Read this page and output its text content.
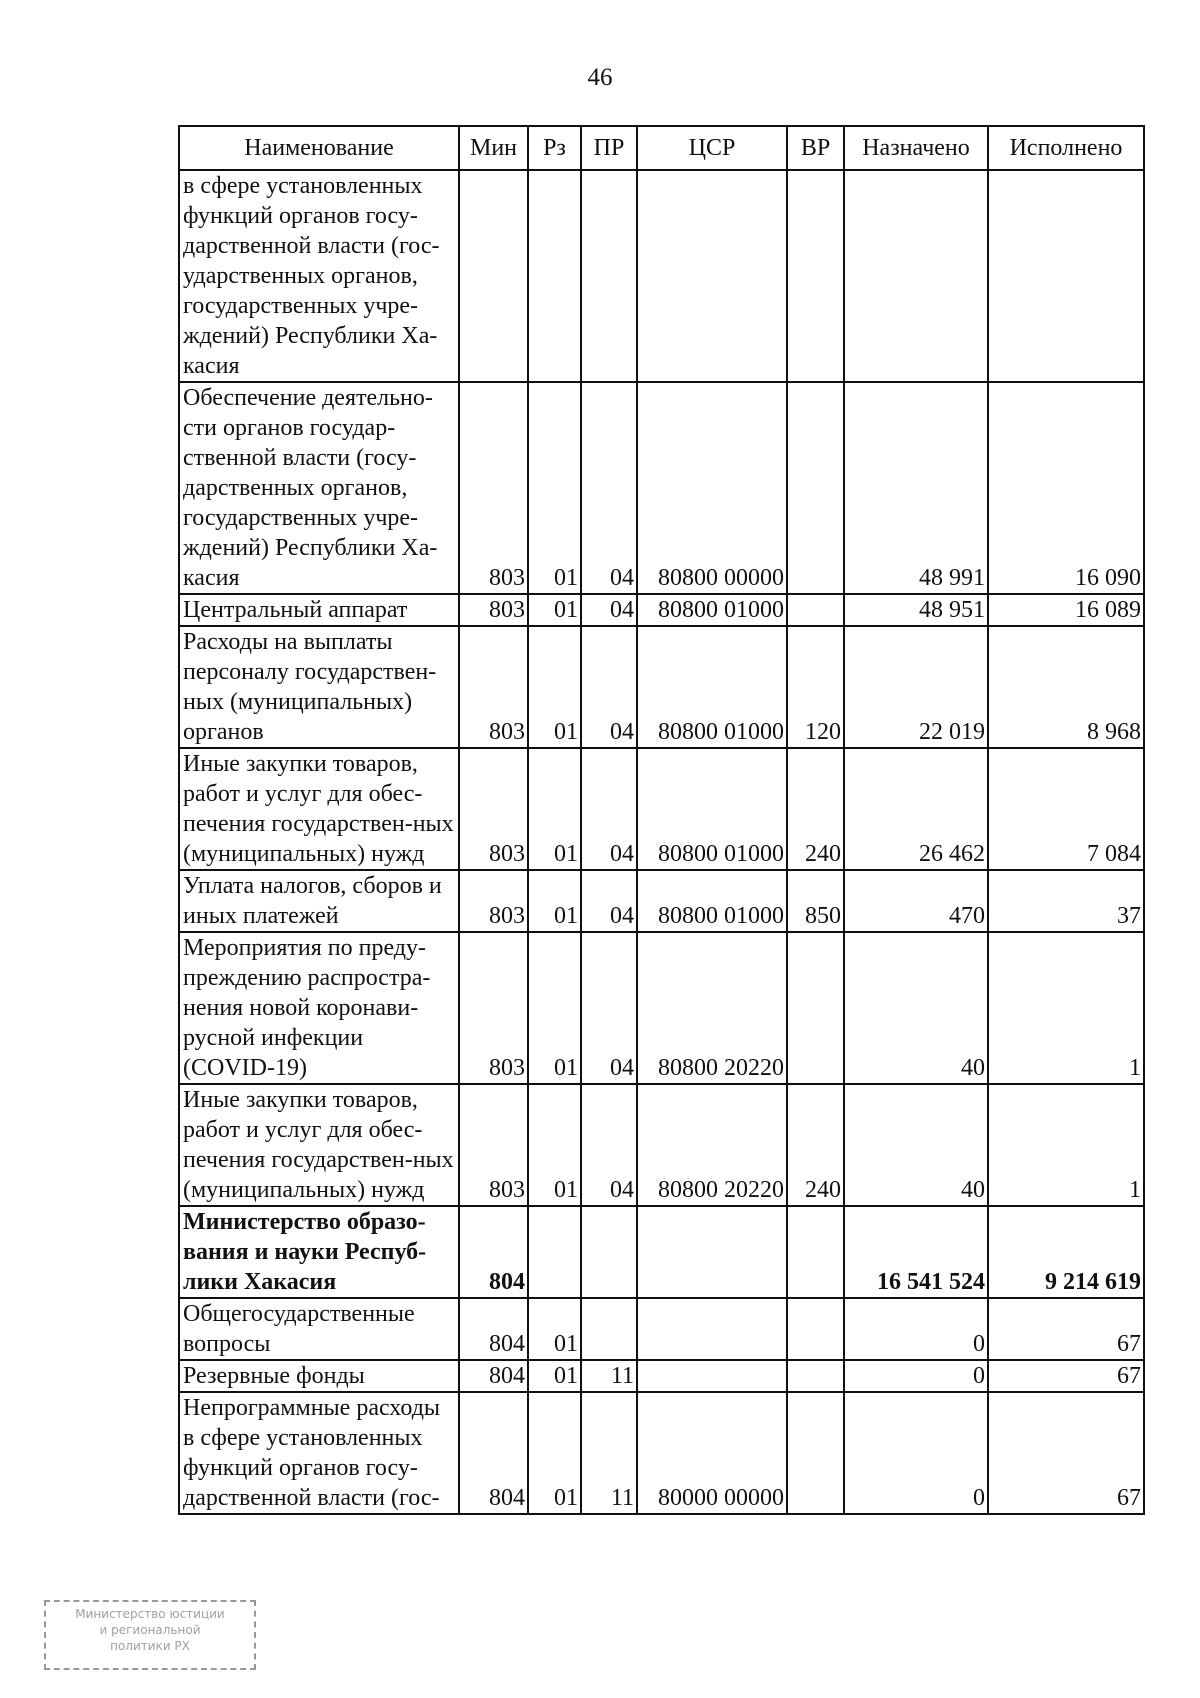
46
Наименование	Мин	Рз	ПР	ЦСР	ВР	Назначено	Исполнено
в сфере установленных функций органов госу-дарственной власти (гос-ударственных органов, государственных учре-ждений) Республики Ха-касия							
Обеспечение деятельно-сти органов государ-ственной власти (госу-дарственных органов, государственных учре-ждений) Республики Ха-касия	803	01	04	80800 00000		48 991	16 090
Центральный аппарат	803	01	04	80800 01000		48 951	16 089
Расходы на выплаты персоналу государствен-ных (муниципальных) органов	803	01	04	80800 01000	120	22 019	8 968
Иные закупки товаров, работ и услуг для обес-печения государствен-ных (муниципальных) нужд	803	01	04	80800 01000	240	26 462	7 084
Уплата налогов, сборов и иных платежей	803	01	04	80800 01000	850	470	37
Мероприятия по преду-преждению распростра-нения новой коронави-русной инфекции (COVID-19)	803	01	04	80800 20220		40	1
Иные закупки товаров, работ и услуг для обес-печения государствен-ных (муниципальных) нужд	803	01	04	80800 20220	240	40	1
Министерство образо-вания и науки Респуб-лики Хакасия	804					16 541 524	9 214 619
Общегосударственные вопросы	804	01				0	67
Резервные фонды	804	01	11			0	67
Непрограммные расходы в сфере установленных функций органов госу-дарственной власти (гос-	804	01	11	80000 00000		0	67
Министерство юстиции
и региональной
политики РХ
